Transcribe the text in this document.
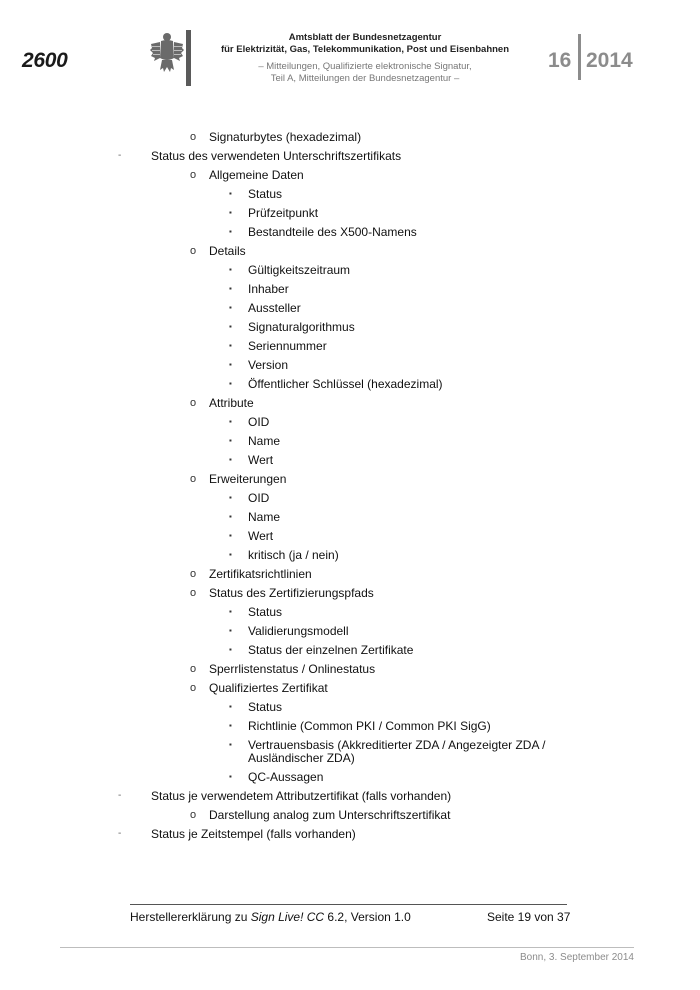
2600
Amtsblatt der Bundesnetzagentur
für Elektrizität, Gas, Telekommunikation, Post und Eisenbahnen
– Mitteilungen, Qualifizierte elektronische Signatur,
Teil A, Mitteilungen der Bundesnetzagentur –
16 2014
o Signaturbytes (hexadezimal)
- Status des verwendeten Unterschriftszertifikats
o Allgemeine Daten
▪ Status
▪ Prüfzeitpunkt
▪ Bestandteile des X500-Namens
o Details
▪ Gültigkeitszeitraum
▪ Inhaber
▪ Aussteller
▪ Signaturalgorithmus
▪ Seriennummer
▪ Version
▪ Öffentlicher Schlüssel (hexadezimal)
o Attribute
▪ OID
▪ Name
▪ Wert
o Erweiterungen
▪ OID
▪ Name
▪ Wert
▪ kritisch (ja / nein)
o Zertifikatsrichtlinien
o Status des Zertifizierungspfads
▪ Status
▪ Validierungsmodell
▪ Status der einzelnen Zertifikate
o Sperrlistenstatus / Onlinestatus
o Qualifiziertes Zertifikat
▪ Status
▪ Richtlinie (Common PKI / Common PKI SigG)
▪ Vertrauensbasis (Akkreditierter ZDA / Angezeigter ZDA /
Ausländischer ZDA)
▪ QC-Aussagen
- Status je verwendetem Attributzertifikat (falls vorhanden)
o Darstellung analog zum Unterschriftszertifikat
- Status je Zeitstempel (falls vorhanden)
Herstellererklärung zu Sign Live! CC 6.2, Version 1.0	Seite 19 von 37
Bonn, 3. September 2014
